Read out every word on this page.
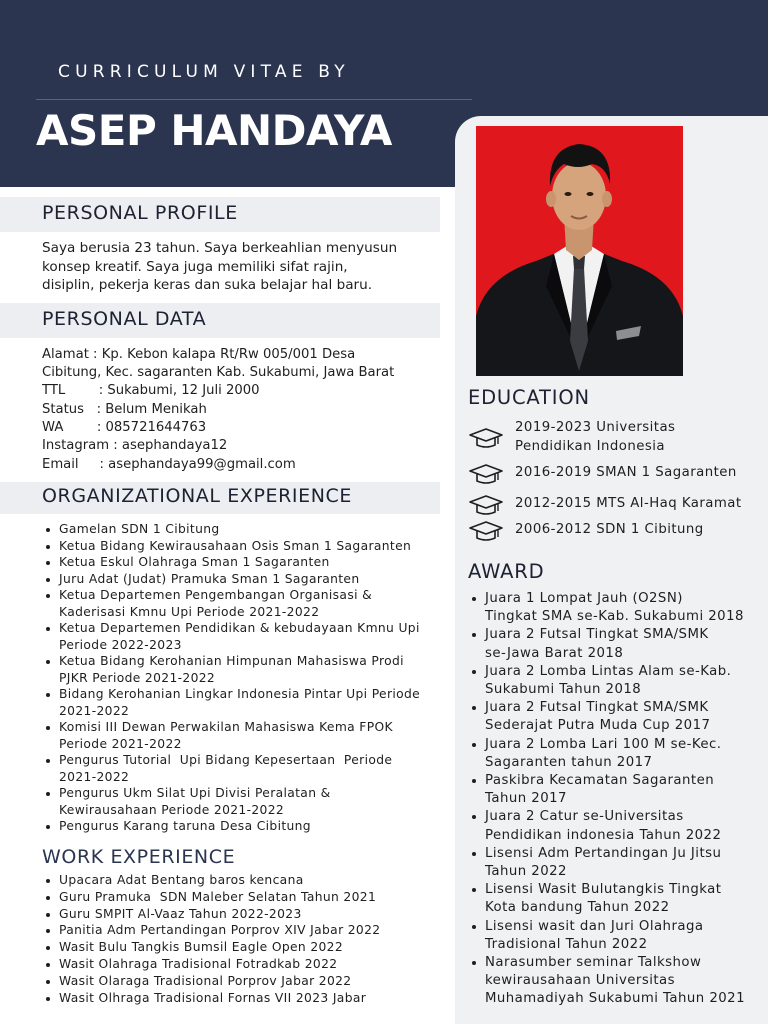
CURRICULUM VITAE BY
ASEP HANDAYA
PERSONAL PROFILE
Saya berusia 23 tahun. Saya berkeahlian menyusun
konsep kreatif. Saya juga memiliki sifat rajin,
disiplin, pekerja keras dan suka belajar hal baru.
PERSONAL DATA
Alamat : Kp. Kebon kalapa Rt/Rw 005/001 Desa
Cibitung, Kec. sagaranten Kab. Sukabumi, Jawa Barat
TTL        : Sukabumi, 12 Juli 2000
Status   : Belum Menikah
WA        : 085721644763
Instagram : asephandaya12
Email     : asephandaya99@gmail.com
ORGANIZATIONAL EXPERIENCE
Gamelan SDN 1 Cibitung
Ketua Bidang Kewirausahaan Osis Sman 1 Sagaranten
Ketua Eskul Olahraga Sman 1 Sagaranten
Juru Adat (Judat) Pramuka Sman 1 Sagaranten
Ketua Departemen Pengembangan Organisasi &
Kaderisasi Kmnu Upi Periode 2021-2022
Ketua Departemen Pendidikan & kebudayaan Kmnu Upi
Periode 2022-2023
Ketua Bidang Kerohanian Himpunan Mahasiswa Prodi
PJKR Periode 2021-2022
Bidang Kerohanian Lingkar Indonesia Pintar Upi Periode
2021-2022
Komisi III Dewan Perwakilan Mahasiswa Kema FPOK
Periode 2021-2022
Pengurus Tutorial  Upi Bidang Kepesertaan  Periode
2021-2022
Pengurus Ukm Silat Upi Divisi Peralatan &
Kewirausahaan Periode 2021-2022
Pengurus Karang taruna Desa Cibitung
WORK EXPERIENCE
Upacara Adat Bentang baros kencana
Guru Pramuka  SDN Maleber Selatan Tahun 2021
Guru SMPIT Al-Vaaz Tahun 2022-2023
Panitia Adm Pertandingan Porprov XIV Jabar 2022
Wasit Bulu Tangkis Bumsil Eagle Open 2022
Wasit Olahraga Tradisional Fotradkab 2022
Wasit Olaraga Tradisional Porprov Jabar 2022
Wasit Olhraga Tradisional Fornas VII 2023 Jabar
EDUCATION
2019-2023 Universitas
Pendidikan Indonesia
2016-2019 SMAN 1 Sagaranten
2012-2015 MTS Al-Haq Karamat
2006-2012 SDN 1 Cibitung
AWARD
Juara 1 Lompat Jauh (O2SN)
Tingkat SMA se-Kab. Sukabumi 2018
Juara 2 Futsal Tingkat SMA/SMK
se-Jawa Barat 2018
Juara 2 Lomba Lintas Alam se-Kab.
Sukabumi Tahun 2018
Juara 2 Futsal Tingkat SMA/SMK
Sederajat Putra Muda Cup 2017
Juara 2 Lomba Lari 100 M se-Kec.
Sagaranten tahun 2017
Paskibra Kecamatan Sagaranten
Tahun 2017
Juara 2 Catur se-Universitas
Pendidikan indonesia Tahun 2022
Lisensi Adm Pertandingan Ju Jitsu
Tahun 2022
Lisensi Wasit Bulutangkis Tingkat
Kota bandung Tahun 2022
Lisensi wasit dan Juri Olahraga
Tradisional Tahun 2022
Narasumber seminar Talkshow
kewirausahaan Universitas
Muhamadiyah Sukabumi Tahun 2021
